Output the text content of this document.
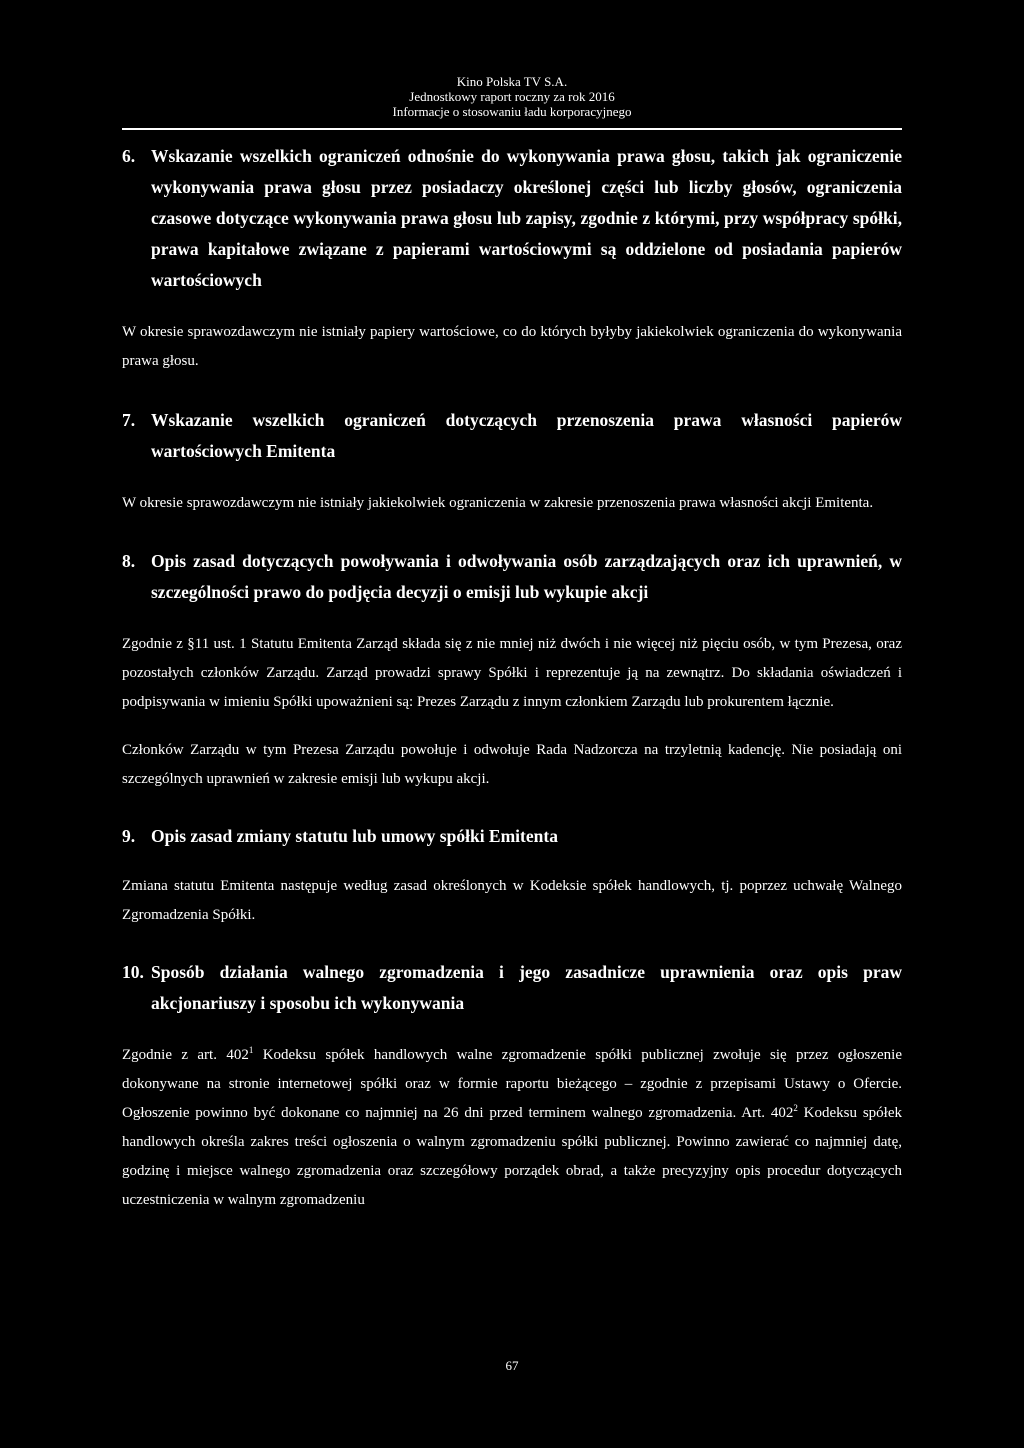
Kino Polska TV S.A.
Jednostkowy raport roczny za rok 2016
Informacje o stosowaniu ładu korporacyjnego
6. Wskazanie wszelkich ograniczeń odnośnie do wykonywania prawa głosu, takich jak ograniczenie wykonywania prawa głosu przez posiadaczy określonej części lub liczby głosów, ograniczenia czasowe dotyczące wykonywania prawa głosu lub zapisy, zgodnie z którymi, przy współpracy spółki, prawa kapitałowe związane z papierami wartościowymi są oddzielone od posiadania papierów wartościowych

W okresie sprawozdawczym nie istniały papiery wartościowe, co do których byłyby jakiekolwiek ograniczenia do wykonywania prawa głosu.

7. Wskazanie wszelkich ograniczeń dotyczących przenoszenia prawa własności papierów wartościowych Emitenta

W okresie sprawozdawczym nie istniały jakiekolwiek ograniczenia w zakresie przenoszenia prawa własności akcji Emitenta.

8. Opis zasad dotyczących powoływania i odwoływania osób zarządzających oraz ich uprawnień, w szczególności prawo do podjęcia decyzji o emisji lub wykupie akcji

Zgodnie z §11 ust. 1 Statutu Emitenta Zarząd składa się z nie mniej niż dwóch i nie więcej niż pięciu osób, w tym Prezesa, oraz pozostałych członków Zarządu. Zarząd prowadzi sprawy Spółki i reprezentuje ją na zewnątrz. Do składania oświadczeń i podpisywania w imieniu Spółki upoważnieni są: Prezes Zarządu z innym członkiem Zarządu lub prokurentem łącznie.

Członków Zarządu w tym Prezesa Zarządu powołuje i odwołuje Rada Nadzorcza na trzyletnią kadencję. Nie posiadają oni szczególnych uprawnień w zakresie emisji lub wykupu akcji.

9. Opis zasad zmiany statutu lub umowy spółki Emitenta

Zmiana statutu Emitenta następuje według zasad określonych w Kodeksie spółek handlowych, tj. poprzez uchwałę Walnego Zgromadzenia Spółki.

10. Sposób działania walnego zgromadzenia i jego zasadnicze uprawnienia oraz opis praw akcjonariuszy i sposobu ich wykonywania

Zgodnie z art. $402^1$ Kodeksu spółek handlowych walne zgromadzenie spółki publicznej zwołuje się przez ogłoszenie dokonywane na stronie internetowej spółki oraz w formie raportu bieżącego – zgodnie z przepisami Ustawy o Ofercie. Ogłoszenie powinno być dokonane co najmniej na 26 dni przed terminem walnego zgromadzenia. Art. $402^2$ Kodeksu spółek handlowych określa zakres treści ogłoszenia o walnym zgromadzeniu spółki publicznej. Powinno zawierać co najmniej datę, godzinę i miejsce walnego zgromadzenia oraz szczegółowy porządek obrad, a także precyzyjny opis procedur dotyczących uczestniczenia w walnym zgromadzeniu

67
